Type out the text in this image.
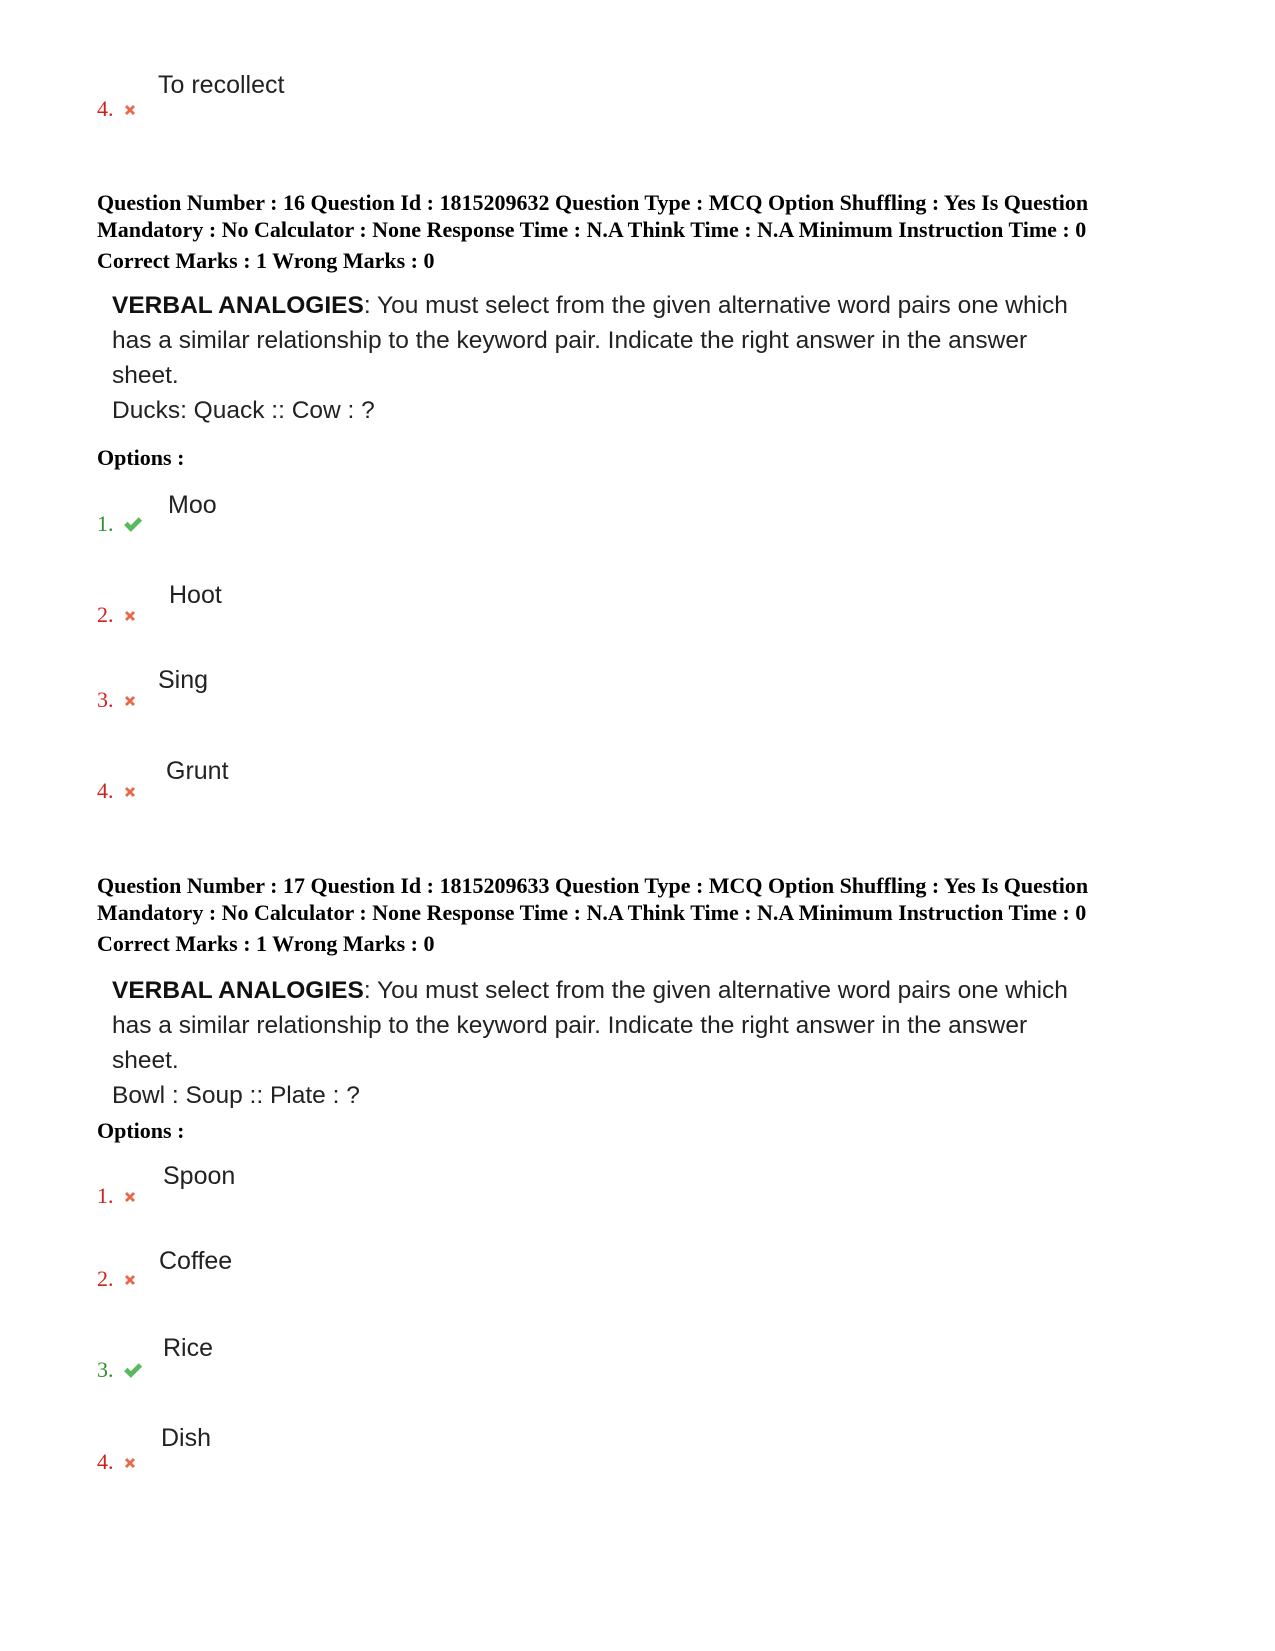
To recollect
4.
Question Number : 16 Question Id : 1815209632 Question Type : MCQ Option Shuffling : Yes Is Question
Mandatory : No Calculator : None Response Time : N.A Think Time : N.A Minimum Instruction Time : 0
Correct Marks : 1 Wrong Marks : 0
VERBAL ANALOGIES: You must select from the given alternative word pairs one which
has a similar relationship to the keyword pair. Indicate the right answer in the answer
sheet.
Ducks: Quack :: Cow : ?
Options :
Moo
1.
Hoot
2.
Sing
3.
Grunt
4.
Question Number : 17 Question Id : 1815209633 Question Type : MCQ Option Shuffling : Yes Is Question
Mandatory : No Calculator : None Response Time : N.A Think Time : N.A Minimum Instruction Time : 0
Correct Marks : 1 Wrong Marks : 0
VERBAL ANALOGIES: You must select from the given alternative word pairs one which
has a similar relationship to the keyword pair. Indicate the right answer in the answer
sheet.
Bowl : Soup :: Plate : ?
Options :
Spoon
1.
Coffee
2.
Rice
3.
Dish
4.
